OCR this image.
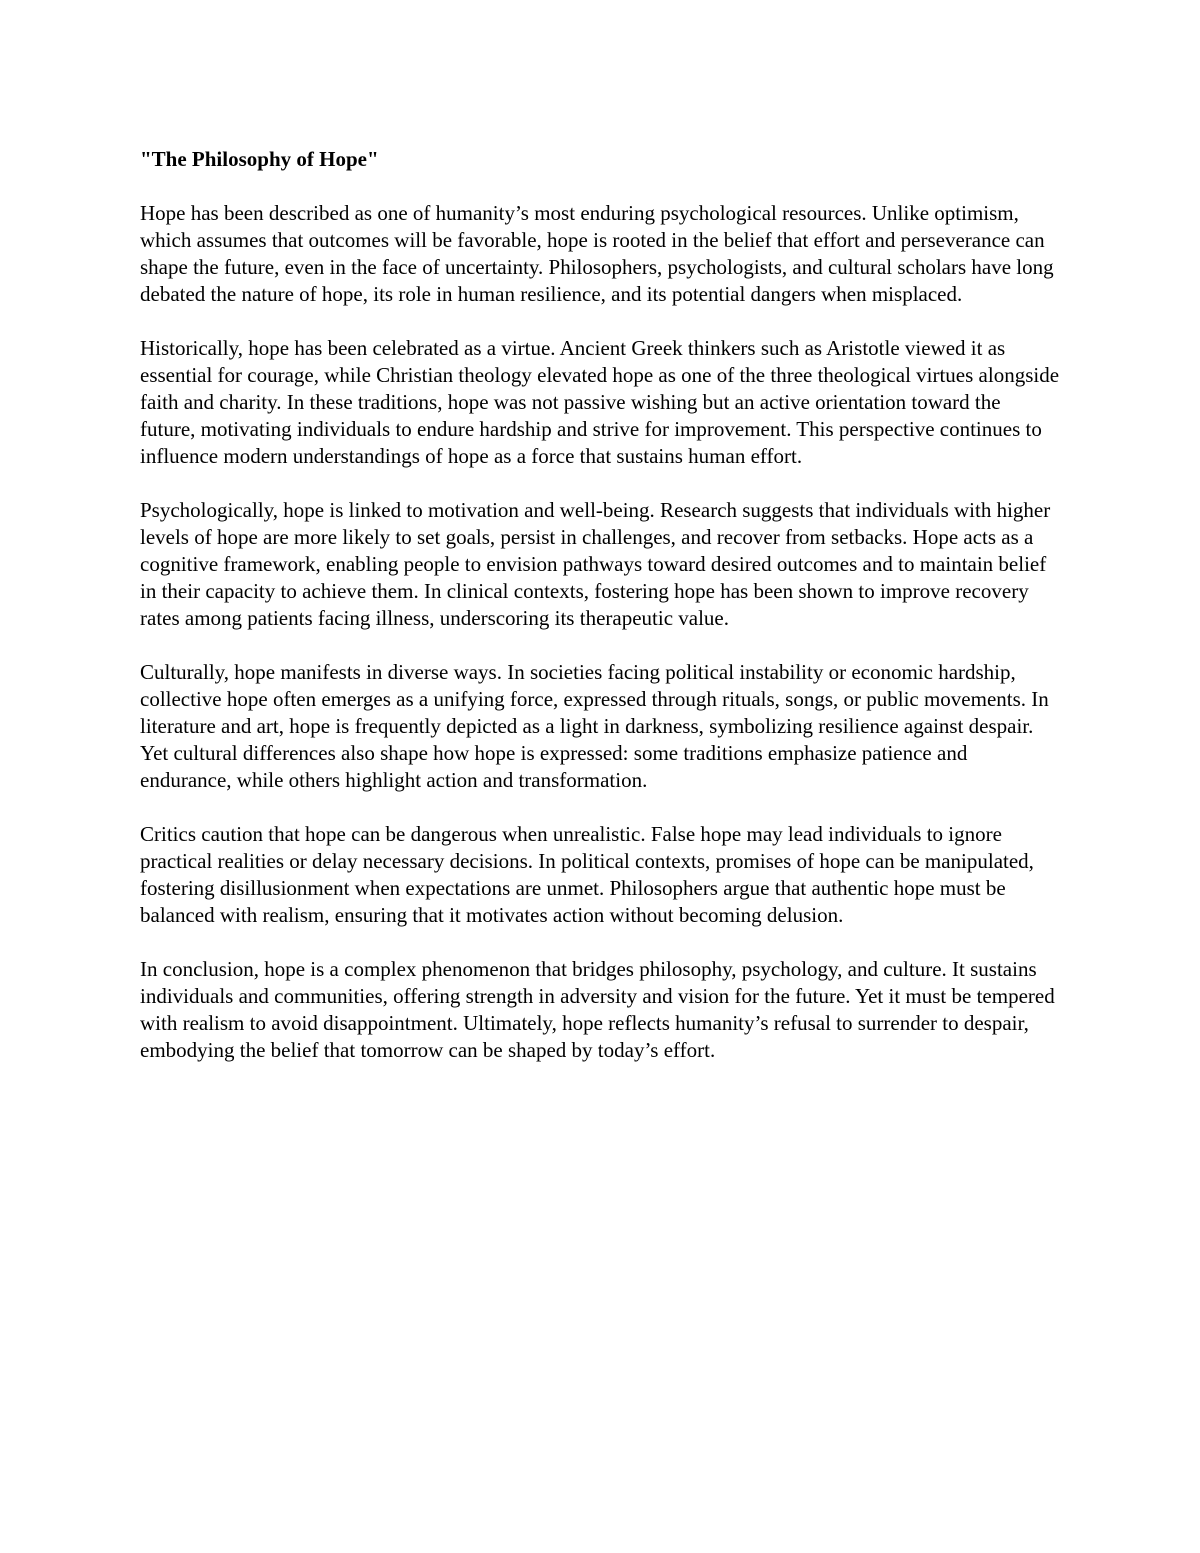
"The Philosophy of Hope"

Hope has been described as one of humanity’s most enduring psychological resources. Unlike optimism, which assumes that outcomes will be favorable, hope is rooted in the belief that effort and perseverance can shape the future, even in the face of uncertainty. Philosophers, psychologists, and cultural scholars have long debated the nature of hope, its role in human resilience, and its potential dangers when misplaced.

Historically, hope has been celebrated as a virtue. Ancient Greek thinkers such as Aristotle viewed it as essential for courage, while Christian theology elevated hope as one of the three theological virtues alongside faith and charity. In these traditions, hope was not passive wishing but an active orientation toward the future, motivating individuals to endure hardship and strive for improvement. This perspective continues to influence modern understandings of hope as a force that sustains human effort.

Psychologically, hope is linked to motivation and well-being. Research suggests that individuals with higher levels of hope are more likely to set goals, persist in challenges, and recover from setbacks. Hope acts as a cognitive framework, enabling people to envision pathways toward desired outcomes and to maintain belief in their capacity to achieve them. In clinical contexts, fostering hope has been shown to improve recovery rates among patients facing illness, underscoring its therapeutic value.

Culturally, hope manifests in diverse ways. In societies facing political instability or economic hardship, collective hope often emerges as a unifying force, expressed through rituals, songs, or public movements. In literature and art, hope is frequently depicted as a light in darkness, symbolizing resilience against despair. Yet cultural differences also shape how hope is expressed: some traditions emphasize patience and endurance, while others highlight action and transformation.

Critics caution that hope can be dangerous when unrealistic. False hope may lead individuals to ignore practical realities or delay necessary decisions. In political contexts, promises of hope can be manipulated, fostering disillusionment when expectations are unmet. Philosophers argue that authentic hope must be balanced with realism, ensuring that it motivates action without becoming delusion.

In conclusion, hope is a complex phenomenon that bridges philosophy, psychology, and culture. It sustains individuals and communities, offering strength in adversity and vision for the future. Yet it must be tempered with realism to avoid disappointment. Ultimately, hope reflects humanity’s refusal to surrender to despair, embodying the belief that tomorrow can be shaped by today’s effort.
